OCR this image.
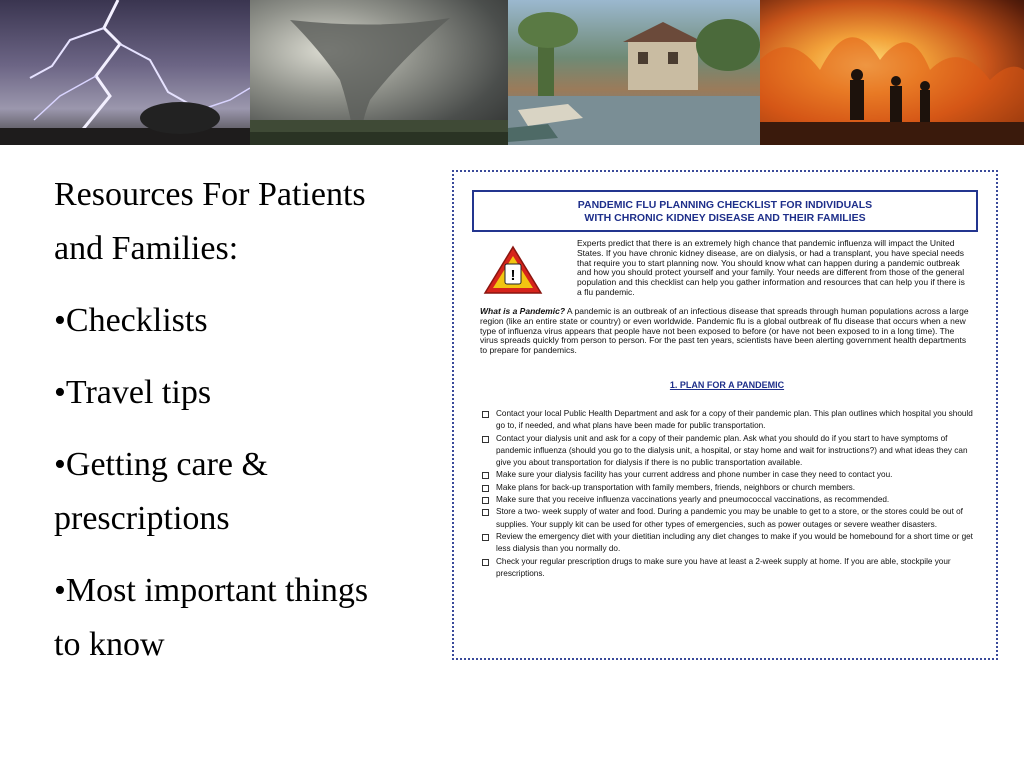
Resources For Patients and Families:

•Checklists

•Travel tips

•Getting care & prescriptions

•Most important things to know

PANDEMIC FLU PLANNING CHECKLIST FOR INDIVIDUALS
WITH CHRONIC KIDNEY DISEASE AND THEIR FAMILIES
!
Experts predict that there is an extremely high chance that pandemic influenza will impact the United States. If you have chronic kidney disease, are on dialysis, or had a transplant, you have special needs that require you to start planning now. You should know what can happen during a pandemic outbreak and how you should protect yourself and your family. Your needs are different from those of the general population and this checklist can help you gather information and resources that can help you if there is a flu pandemic.
What is a Pandemic? A pandemic is an outbreak of an infectious disease that spreads through human populations across a large region (like an entire state or country) or even worldwide. Pandemic flu is a global outbreak of flu disease that occurs when a new type of influenza virus appears that people have not been exposed to before (or have not been exposed to in a long time). The virus spreads quickly from person to person. For the past ten years, scientists have been alerting government health departments to prepare for pandemics.
1. PLAN FOR A PANDEMIC
Contact your local Public Health Department and ask for a copy of their pandemic plan. This plan outlines which hospital you should go to, if needed, and what plans have been made for public transportation.
Contact your dialysis unit and ask for a copy of their pandemic plan. Ask what you should do if you start to have symptoms of pandemic influenza (should you go to the dialysis unit, a hospital, or stay home and wait for instructions?) and what ideas they can give you about transportation for dialysis if there is no public transportation available.
Make sure your dialysis facility has your current address and phone number in case they need to contact you.
Make plans for back-up transportation with family members, friends, neighbors or church members.
Make sure that you receive influenza vaccinations yearly and pneumococcal vaccinations, as recommended.
Store a two- week supply of water and food. During a pandemic you may be unable to get to a store, or the stores could be out of supplies. Your supply kit can be used for other types of emergencies, such as power outages or severe weather disasters.
Review the emergency diet with your dietitian including any diet changes to make if you would be homebound for a short time or get less dialysis than you normally do.
Check your regular prescription drugs to make sure you have at least a 2-week supply at home. If you are able, stockpile your prescriptions.
